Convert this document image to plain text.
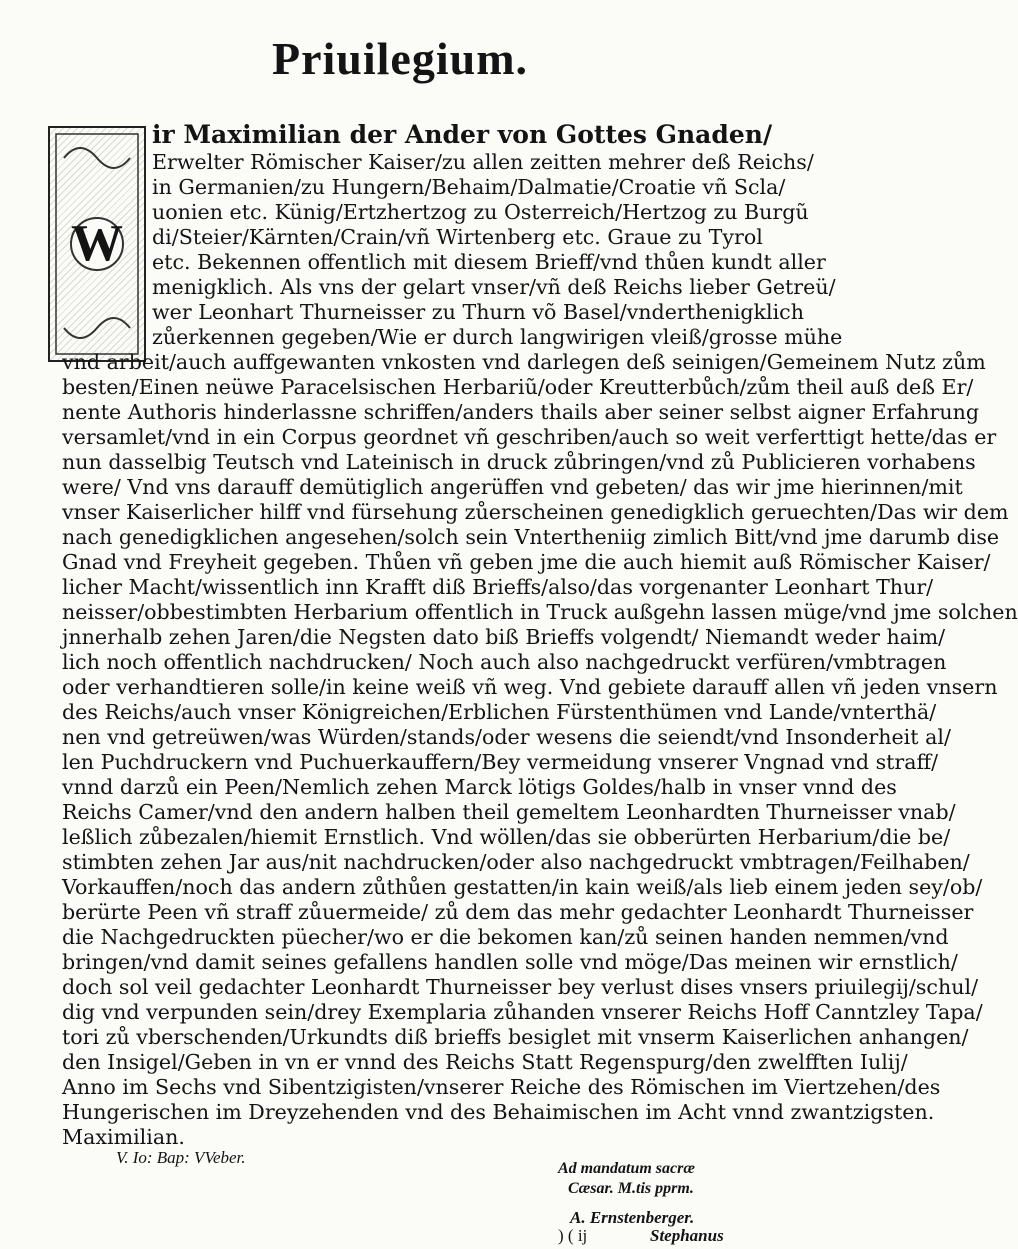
Priuilegium.
W
ir Maximilian der Ander von Gottes Gnaden/
Erwelter Römischer Kaiser/zu allen zeitten mehrer deß Reichs/
in Germanien/zu Hungern/Behaim/Dalmatie/Croatie vñ Scla/
uonien etc. Künig/Ertzhertzog zu Osterreich/Hertzog zu Burgũ
di/Steier/Kärnten/Crain/vñ Wirtenberg etc. Graue zu Tyrol
etc. Bekennen offentlich mit diesem Brieff/vnd thůen kundt aller
menigklich. Als vns der gelart vnser/vñ deß Reichs lieber Getreü/
wer Leonhart Thurneisser zu Thurn võ Basel/vnderthenigklich
zůerkennen gegeben/Wie er durch langwirigen vleiß/grosse mühe
vnd arbeit/auch auffgewanten vnkosten vnd darlegen deß seinigen/Gemeinem Nutz zům
besten/Einen neüwe Paracelsischen Herbariũ/oder Kreutterbůch/zům theil auß deß Er/
nente Authoris hinderlassne schriffen/anders thails aber seiner selbst aigner Erfahrung
versamlet/vnd in ein Corpus geordnet vñ geschriben/auch so weit verferttigt hette/das er
nun dasselbig Teutsch vnd Lateinisch in druck zůbringen/vnd zů Publicieren vorhabens
were/ Vnd vns darauff demütiglich angerüffen vnd gebeten/ das wir jme hierinnen/mit
vnser Kaiserlicher hilff vnd fürsehung zůerscheinen genedigklich geruechten/Das wir dem
nach genedigklichen angesehen/solch sein Vntertheniig zimlich Bitt/vnd jme darumb dise
Gnad vnd Freyheit gegeben. Thůen vñ geben jme die auch hiemit auß Römischer Kaiser/
licher Macht/wissentlich inn Krafft diß Brieffs/also/das vorgenanter Leonhart Thur/
neisser/obbestimbten Herbarium offentlich in Truck außgehn lassen müge/vnd jme solchen
jnnerhalb zehen Jaren/die Negsten dato biß Brieffs volgendt/ Niemandt weder haim/
lich noch offentlich nachdrucken/ Noch auch also nachgedruckt verfüren/vmbtragen
oder verhandtieren solle/in keine weiß vñ weg. Vnd gebiete darauff allen vñ jeden vnsern
des Reichs/auch vnser Königreichen/Erblichen Fürstenthümen vnd Lande/vnterthä/
nen vnd getreüwen/was Würden/stands/oder wesens die seiendt/vnd Insonderheit al/
len Puchdruckern vnd Puchuerkauffern/Bey vermeidung vnserer Vngnad vnd straff/
vnnd darzů ein Peen/Nemlich zehen Marck lötigs Goldes/halb in vnser vnnd des
Reichs Camer/vnd den andern halben theil gemeltem Leonhardten Thurneisser vnab/
leßlich zůbezalen/hiemit Ernstlich. Vnd wöllen/das sie obberürten Herbarium/die be/
stimbten zehen Jar aus/nit nachdrucken/oder also nachgedruckt vmbtragen/Feilhaben/
Vorkauffen/noch das andern zůthůen gestatten/in kain weiß/als lieb einem jeden sey/ob/
berürte Peen vñ straff zůuermeide/ zů dem das mehr gedachter Leonhardt Thurneisser
die Nachgedruckten püecher/wo er die bekomen kan/zů seinen handen nemmen/vnd
bringen/vnd damit seines gefallens handlen solle vnd möge/Das meinen wir ernstlich/
doch sol veil gedachter Leonhardt Thurneisser bey verlust dises vnsers priuilegij/schul/
dig vnd verpunden sein/drey Exemplaria zůhanden vnserer Reichs Hoff Canntzley Tapa/
tori zů vberschenden/Urkundts diß brieffs besiglet mit vnserm Kaiserlichen anhangen/
den Insigel/Geben in vn er vnnd des Reichs Statt Regenspurg/den zwelfften Iulij/
Anno im Sechs vnd Sibentzigisten/vnserer Reiche des Römischen im Viertzehen/des
Hungerischen im Dreyzehenden vnd des Behaimischen im Acht vnnd zwantzigsten.
Maximilian.
V. Io: Bap: VVeber.
Ad mandatum sacræ
Cæsar. M.tis pprm.
A. Ernstenberger.
) ( ij	Stephanus
